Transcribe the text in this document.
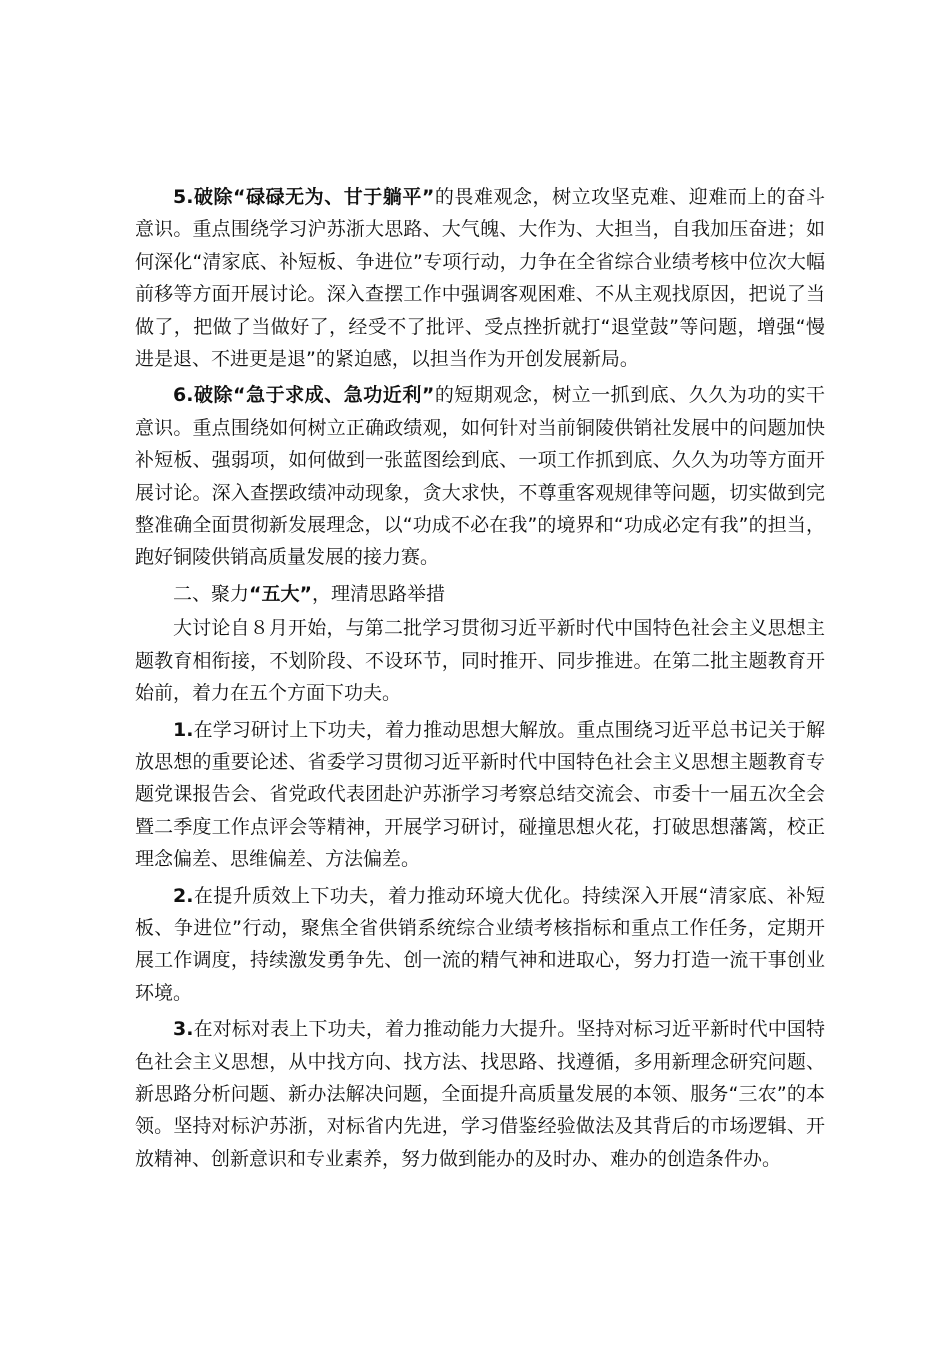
5.破除“碌碌无为、甘于躺平”的畏难观念，树立攻坚克难、迎难而上的奋斗意识。重点围绕学习沪苏浙大思路、大气魄、大作为、大担当，自我加压奋进；如何深化“清家底、补短板、争进位”专项行动，力争在全省综合业绩考核中位次大幅前移等方面开展讨论。深入查摆工作中强调客观困难、不从主观找原因，把说了当做了，把做了当做好了，经受不了批评、受点挫折就打“退堂鼓”等问题，增强“慢进是退、不进更是退”的紧迫感，以担当作为开创发展新局。

6.破除“急于求成、急功近利”的短期观念，树立一抓到底、久久为功的实干意识。重点围绕如何树立正确政绩观，如何针对当前铜陵供销社发展中的问题加快补短板、强弱项，如何做到一张蓝图绘到底、一项工作抓到底、久久为功等方面开展讨论。深入查摆政绩冲动现象，贪大求快，不尊重客观规律等问题，切实做到完整准确全面贯彻新发展理念，以“功成不必在我”的境界和“功成必定有我”的担当，跑好铜陵供销高质量发展的接力赛。

二、聚力“五大”，理清思路举措

大讨论自８月开始，与第二批学习贯彻习近平新时代中国特色社会主义思想主题教育相衔接，不划阶段、不设环节，同时推开、同步推进。在第二批主题教育开始前，着力在五个方面下功夫。

1.在学习研讨上下功夫，着力推动思想大解放。重点围绕习近平总书记关于解放思想的重要论述、省委学习贯彻习近平新时代中国特色社会主义思想主题教育专题党课报告会、省党政代表团赴沪苏浙学习考察总结交流会、市委十一届五次全会暨二季度工作点评会等精神，开展学习研讨，碰撞思想火花，打破思想藩篱，校正理念偏差、思维偏差、方法偏差。

2.在提升质效上下功夫，着力推动环境大优化。持续深入开展“清家底、补短板、争进位”行动，聚焦全省供销系统综合业绩考核指标和重点工作任务，定期开展工作调度，持续激发勇争先、创一流的精气神和进取心，努力打造一流干事创业环境。

3.在对标对表上下功夫，着力推动能力大提升。坚持对标习近平新时代中国特色社会主义思想，从中找方向、找方法、找思路、找遵循，多用新理念研究问题、新思路分析问题、新办法解决问题，全面提升高质量发展的本领、服务“三农”的本领。坚持对标沪苏浙，对标省内先进，学习借鉴经验做法及其背后的市场逻辑、开放精神、创新意识和专业素养，努力做到能办的及时办、难办的创造条件办。
